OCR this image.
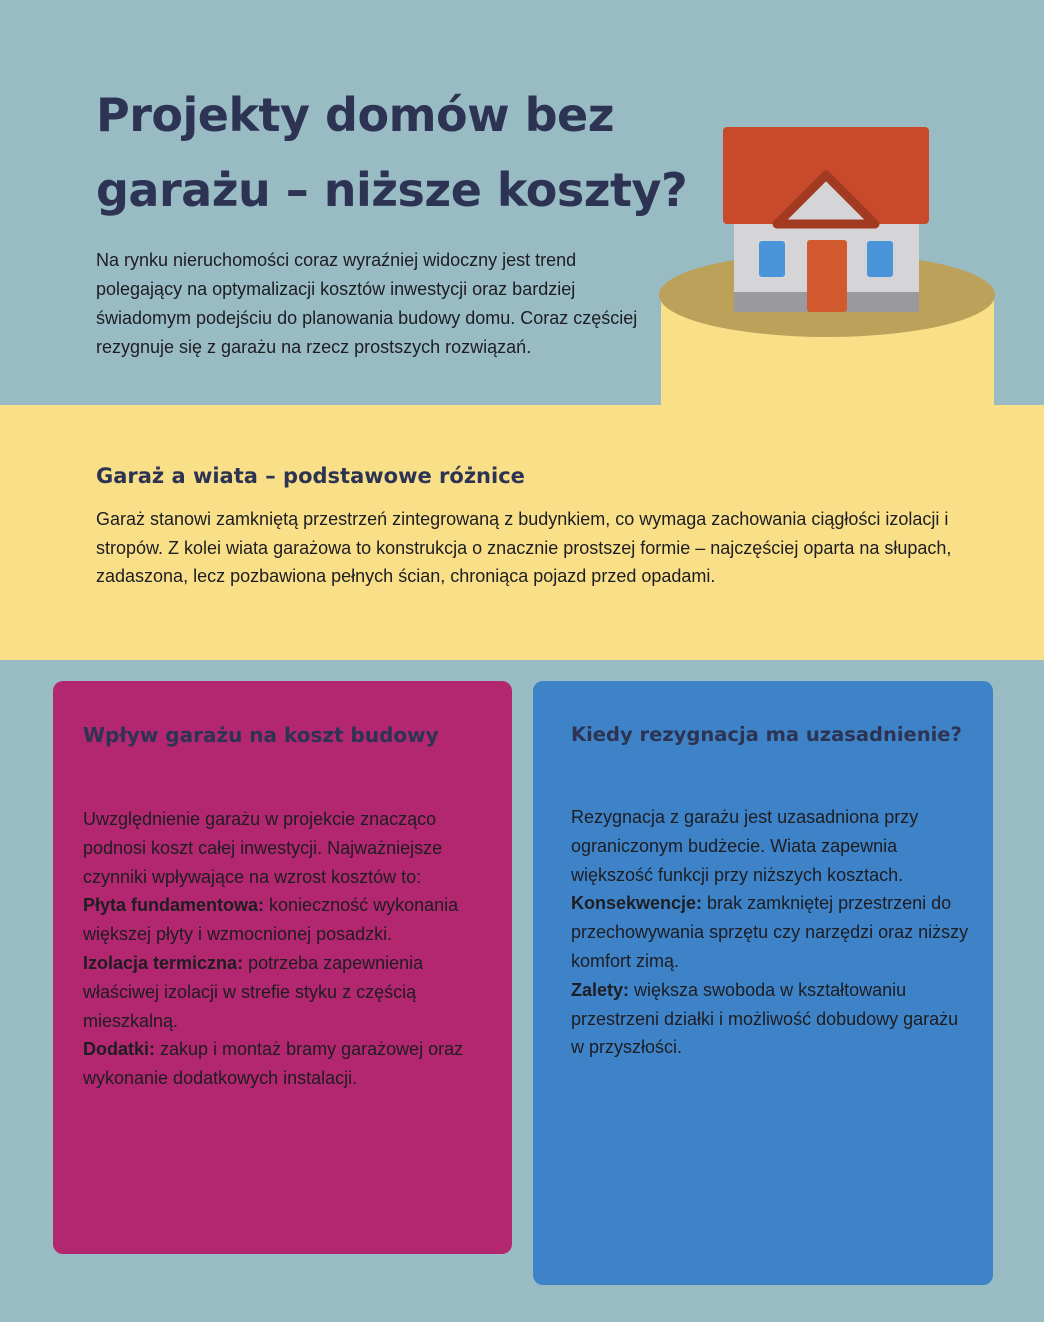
Projekty domów bez garażu – niższe koszty?

Na rynku nieruchomości coraz wyraźniej widoczny jest trend polegający na optymalizacji kosztów inwestycji oraz bardziej świadomym podejściu do planowania budowy domu. Coraz częściej rezygnuje się z garażu na rzecz prostszych rozwiązań.

Garaż a wiata – podstawowe różnice

Garaż stanowi zamkniętą przestrzeń zintegrowaną z budynkiem, co wymaga zachowania ciągłości izolacji i stropów. Z kolei wiata garażowa to konstrukcja o znacznie prostszej formie – najczęściej oparta na słupach, zadaszona, lecz pozbawiona pełnych ścian, chroniąca pojazd przed opadami.

Wpływ garażu na koszt budowy

Uwzględnienie garażu w projekcie znacząco podnosi koszt całej inwestycji. Najważniejsze czynniki wpływające na wzrost kosztów to:

Płyta fundamentowa: konieczność wykonania większej płyty i wzmocnionej posadzki.

Izolacja termiczna: potrzeba zapewnienia właściwej izolacji w strefie styku z częścią mieszkalną.

Dodatki: zakup i montaż bramy garażowej oraz wykonanie dodatkowych instalacji.

Kiedy rezygnacja ma uzasadnienie?

Rezygnacja z garażu jest uzasadniona przy ograniczonym budżecie. Wiata zapewnia większość funkcji przy niższych kosztach.

Konsekwencje: brak zamkniętej przestrzeni do przechowywania sprzętu czy narzędzi oraz niższy komfort zimą.

Zalety: większa swoboda w kształtowaniu przestrzeni działki i możliwość dobudowy garażu w przyszłości.
